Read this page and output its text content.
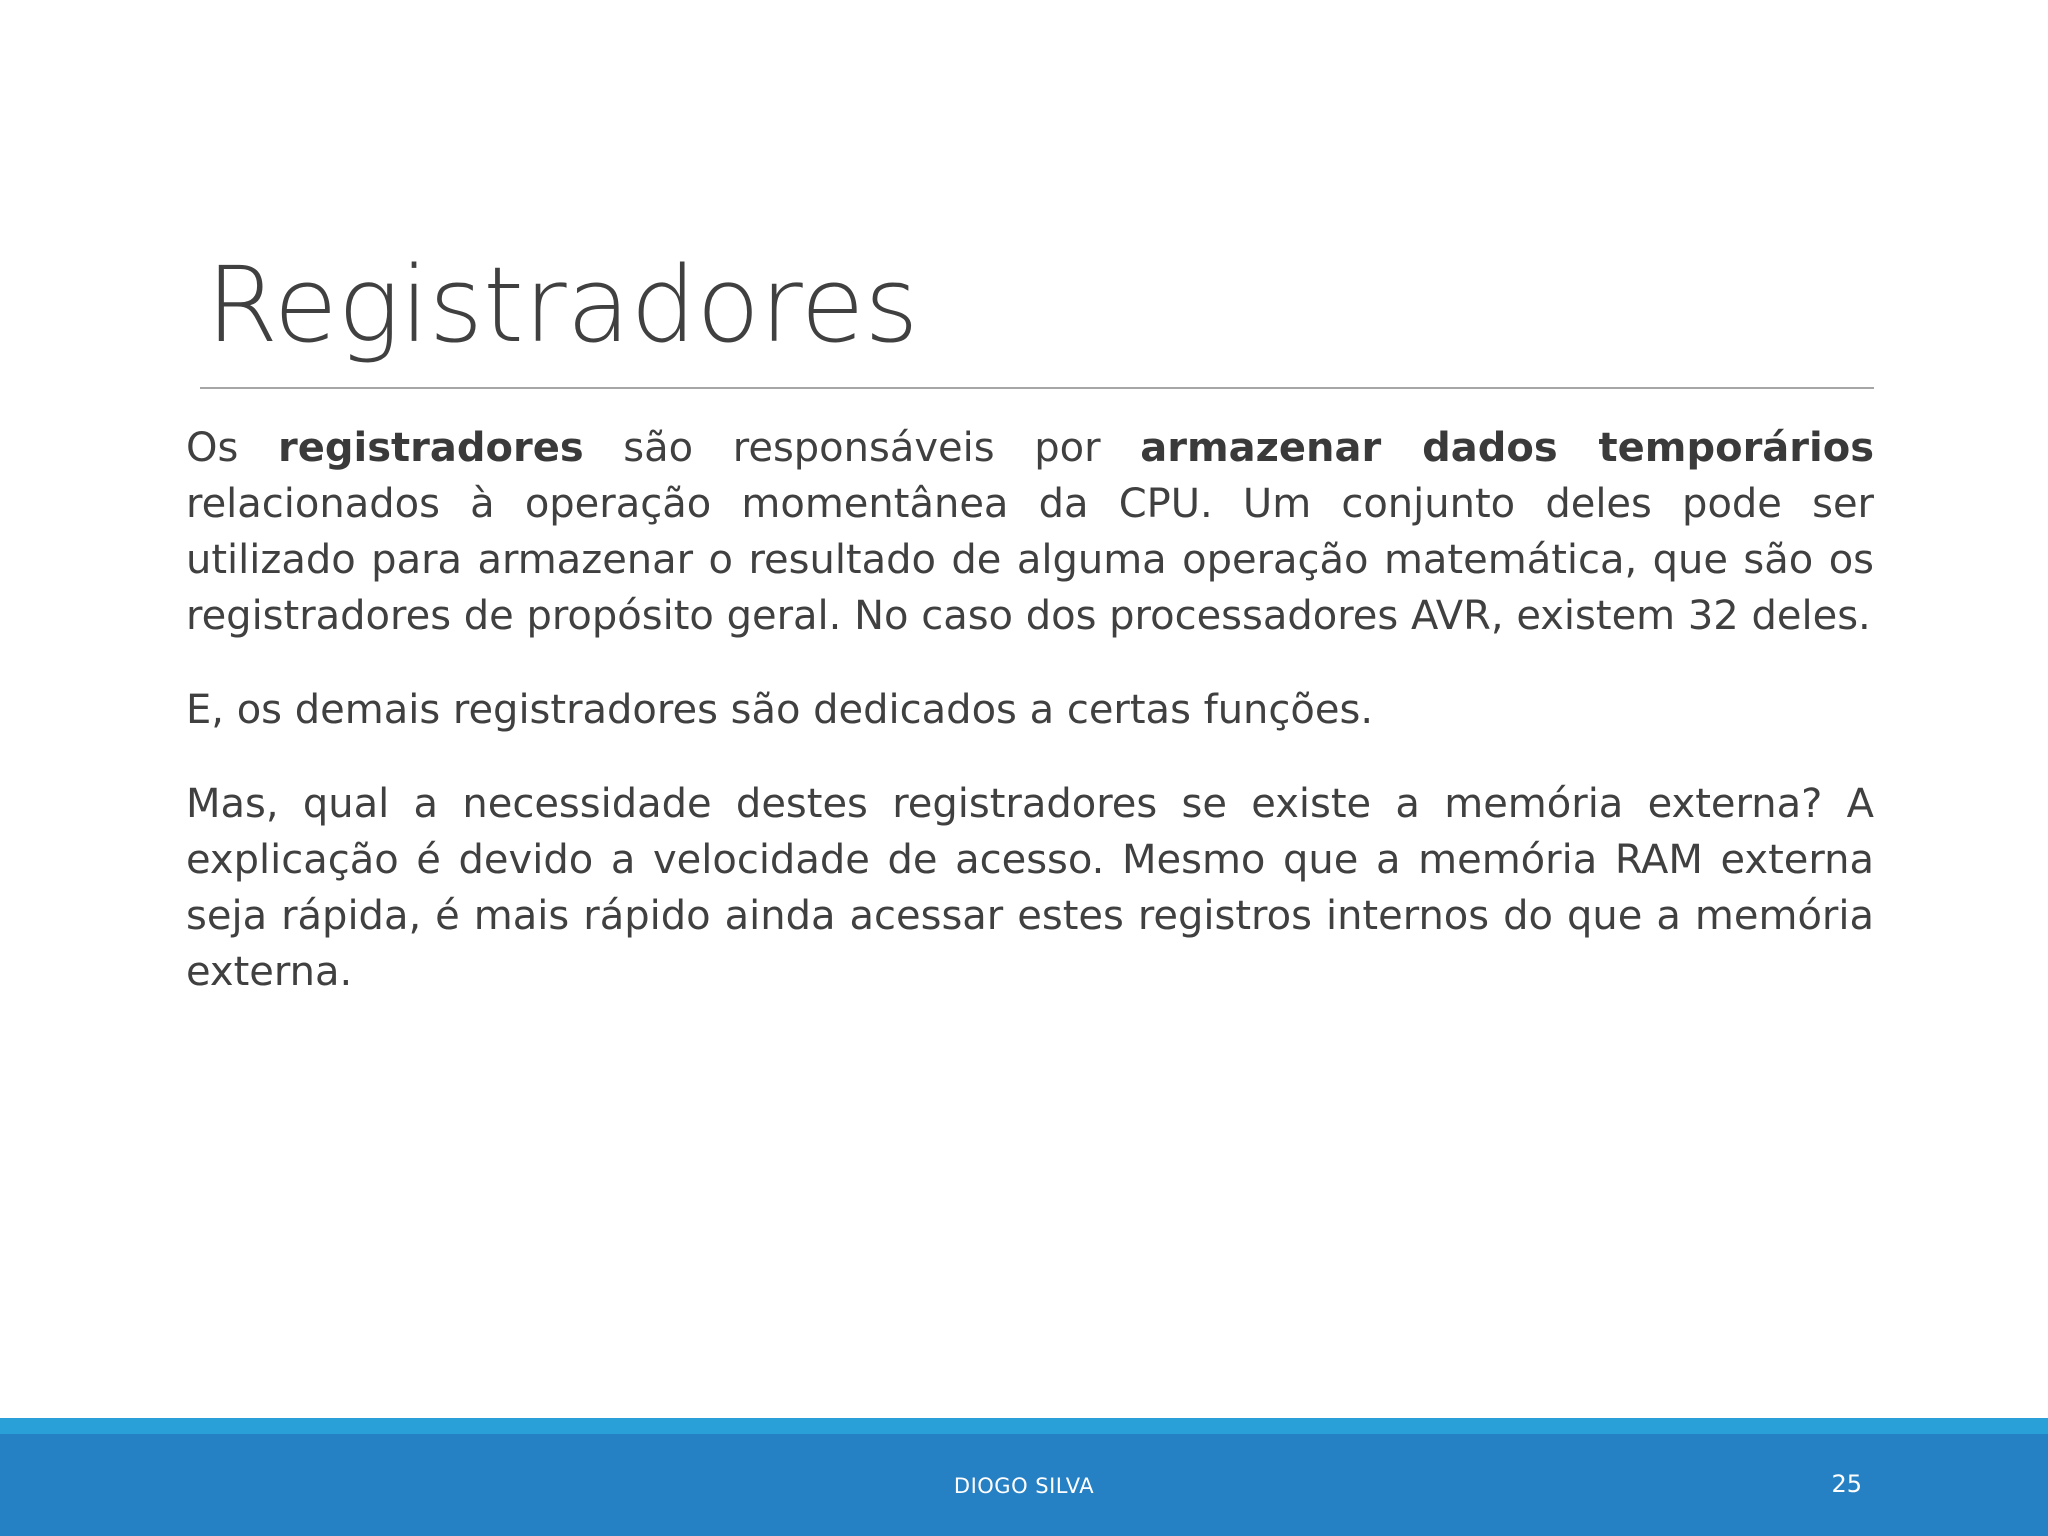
Registradores

Os registradores são responsáveis por armazenar dados temporários relacionados à operação momentânea da CPU. Um conjunto deles pode ser utilizado para armazenar o resultado de alguma operação matemática, que são os registradores de propósito geral. No caso dos processadores AVR, existem 32 deles.

E, os demais registradores são dedicados a certas funções.

Mas, qual a necessidade destes registradores se existe a memória externa? A explicação é devido a velocidade de acesso. Mesmo que a memória RAM externa seja rápida, é mais rápido ainda acessar estes registros internos do que a memória externa.

DIOGO SILVA	25
